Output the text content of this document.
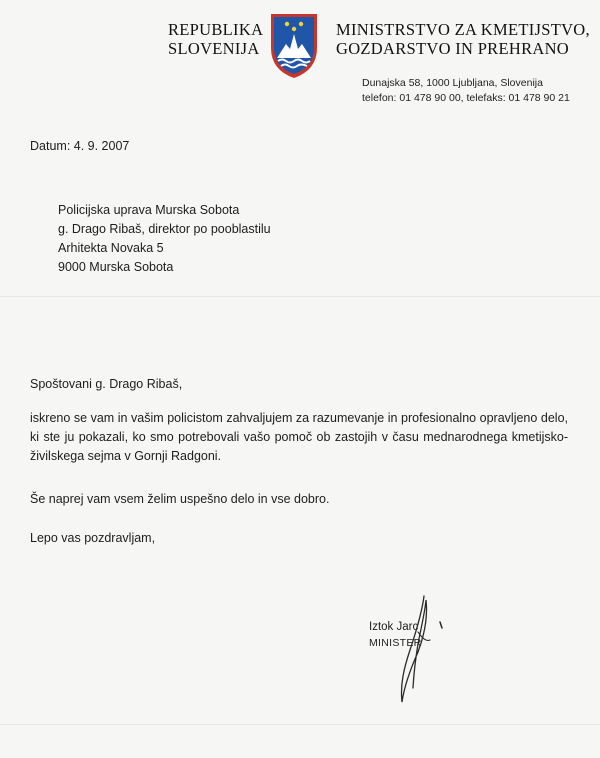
REPUBLIKA
SLOVENIJA
MINISTRSTVO ZA KMETIJSTVO,
GOZDARSTVO IN PREHRANO
Dunajska 58, 1000 Ljubljana, Slovenija
telefon: 01 478 90 00, telefaks: 01 478 90 21
Datum: 4. 9. 2007
Policijska uprava Murska Sobota
g. Drago Ribaš, direktor po pooblastilu
Arhitekta Novaka 5
9000 Murska Sobota
Spoštovani g. Drago Ribaš,
iskreno se vam in vašim policistom zahvaljujem za razumevanje in profesionalno opravljeno delo, ki ste ju pokazali, ko smo potrebovali vašo pomoč ob zastojih v času mednarodnega kmetijsko-živilskega sejma v Gornji Radgoni.
Še naprej vam vsem želim uspešno delo in vse dobro.
Lepo vas pozdravljam,
Iztok Jarc
MINISTER
